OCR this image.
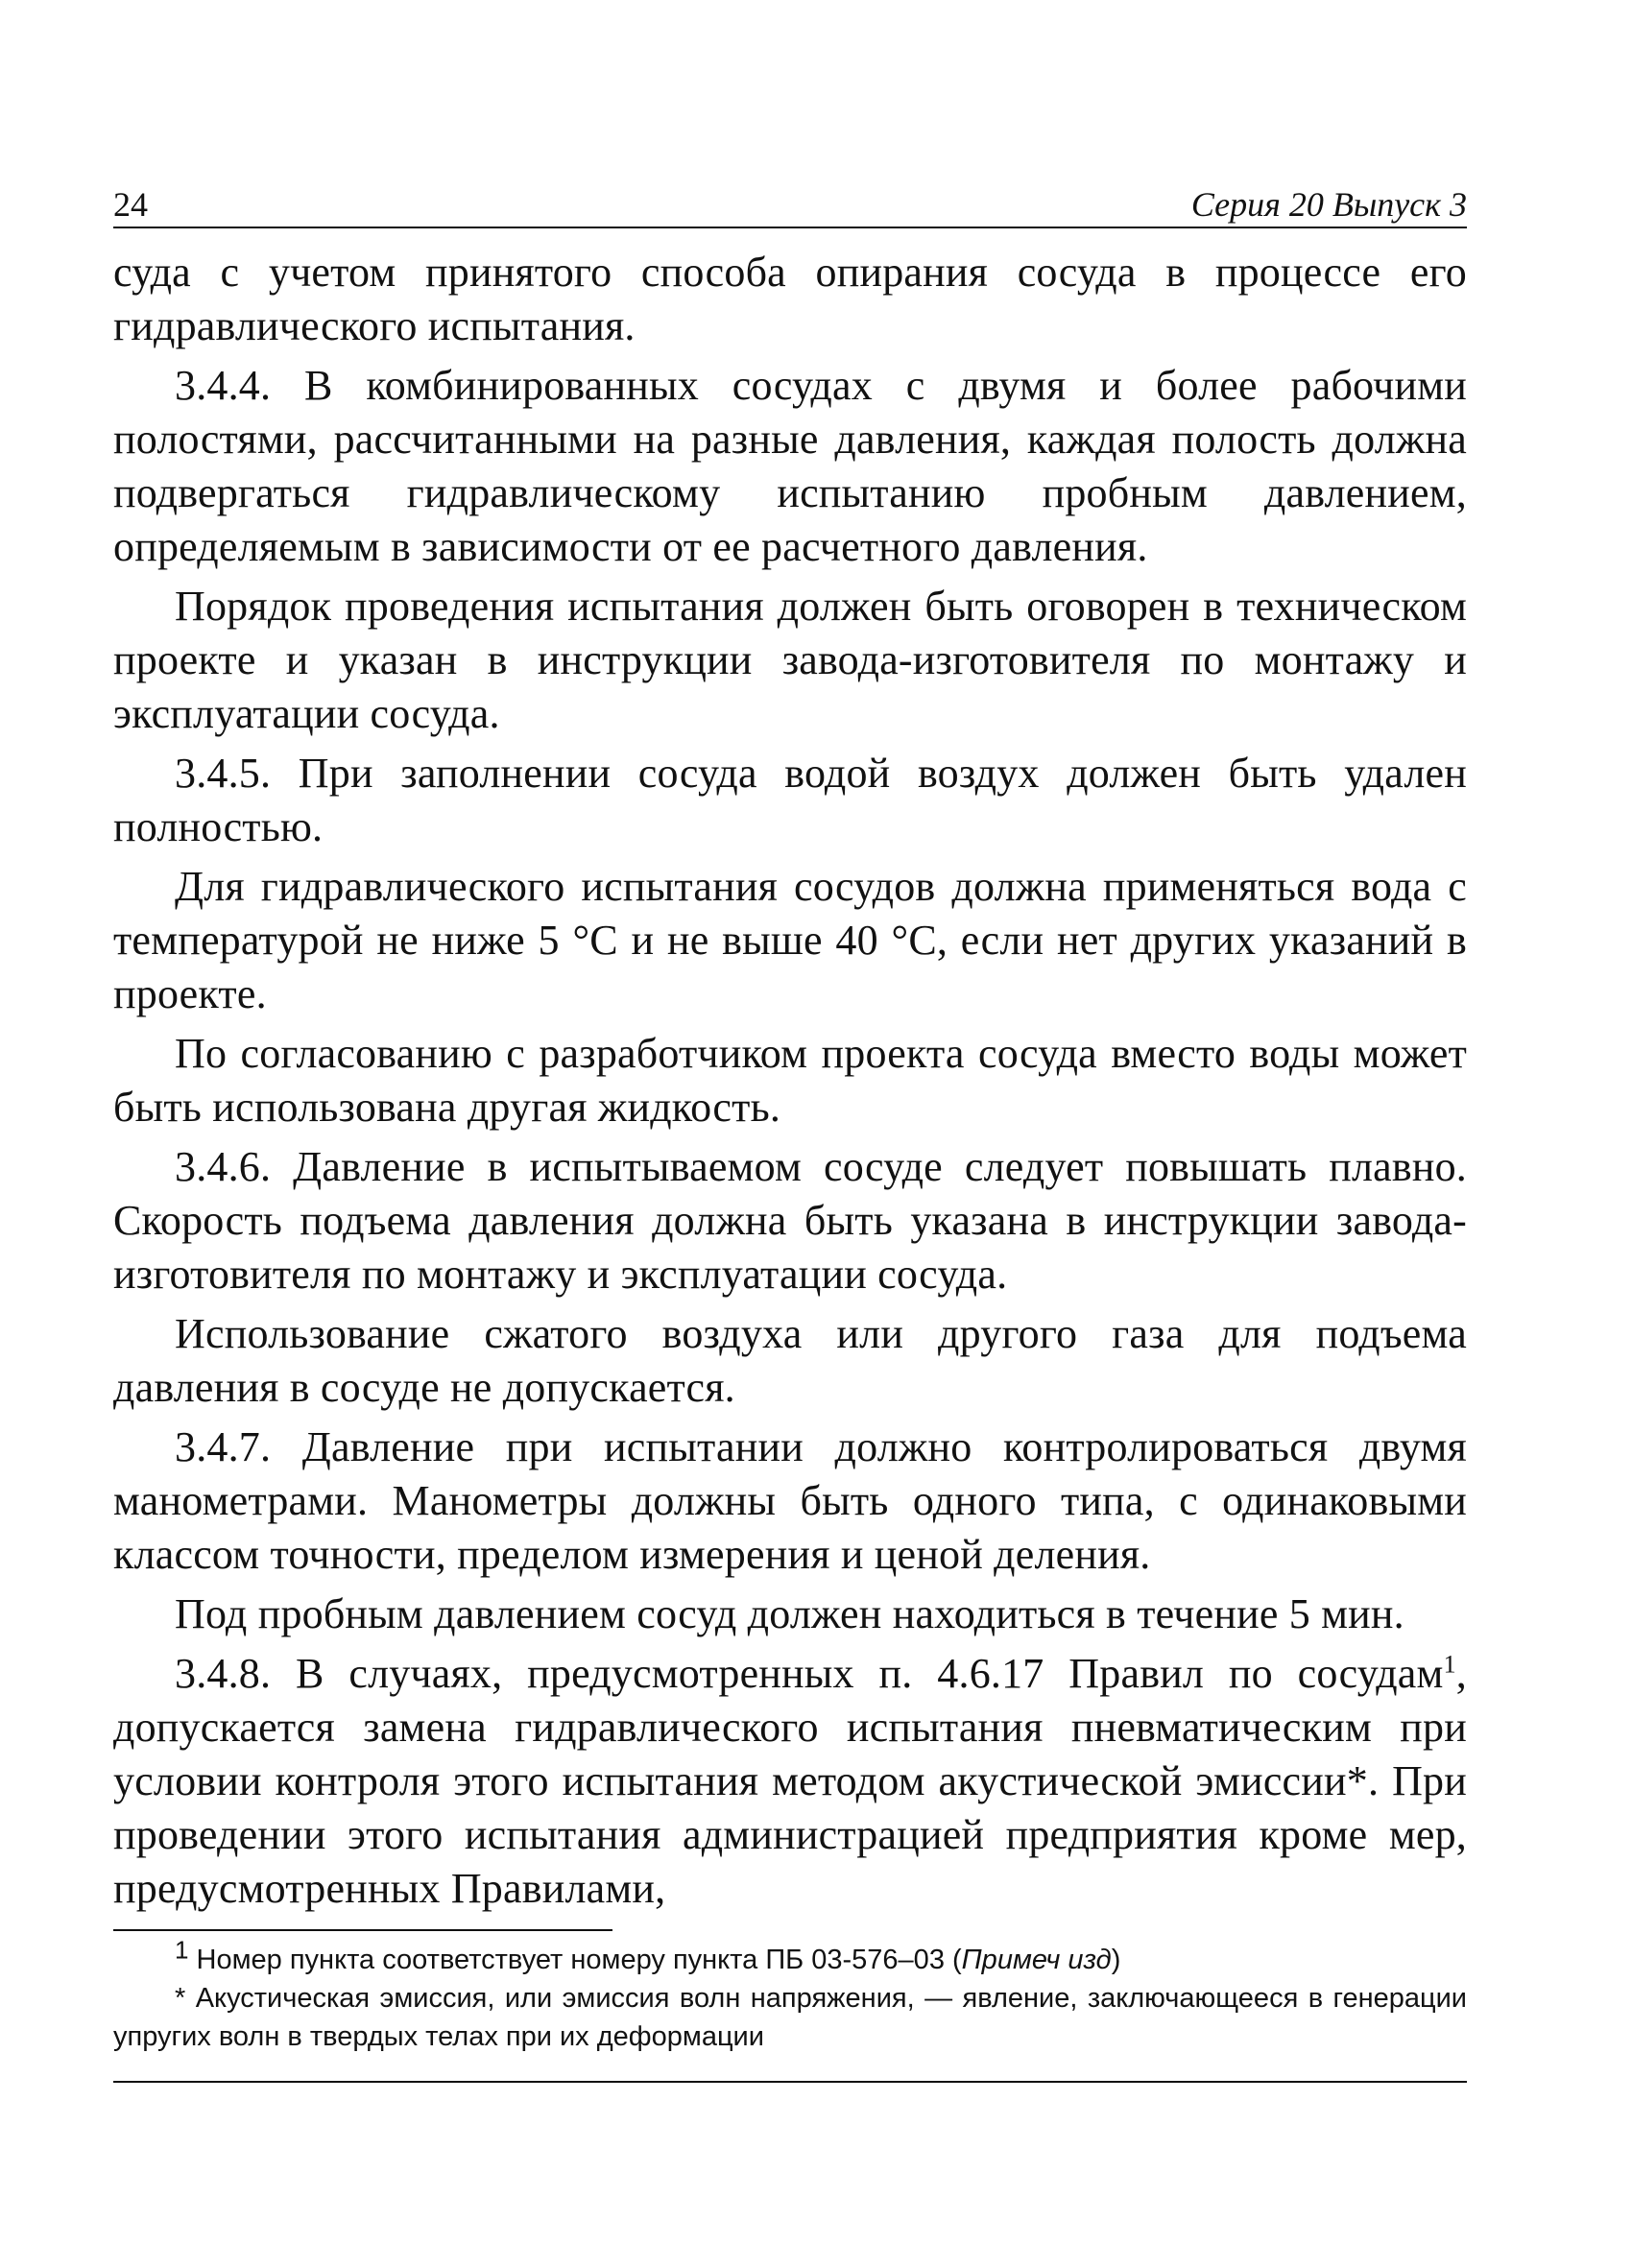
24	Серия 20 Выпуск 3

суда с учетом принятого способа опирания сосуда в процессе его гидравлического испытания.

3.4.4. В комбинированных сосудах с двумя и более рабочими полостями, рассчитанными на разные давления, каждая полость должна подвергаться гидравлическому испытанию пробным давлением, определяемым в зависимости от ее расчетного давления.

Порядок проведения испытания должен быть оговорен в техническом проекте и указан в инструкции завода-изготовителя по монтажу и эксплуатации сосуда.

3.4.5. При заполнении сосуда водой воздух должен быть удален полностью.

Для гидравлического испытания сосудов должна применяться вода с температурой не ниже 5 °С и не выше 40 °С, если нет других указаний в проекте.

По согласованию с разработчиком проекта сосуда вместо воды может быть использована другая жидкость.

3.4.6. Давление в испытываемом сосуде следует повышать плавно. Скорость подъема давления должна быть указана в инструкции завода-изготовителя по монтажу и эксплуатации сосуда.

Использование сжатого воздуха или другого газа для подъема давления в сосуде не допускается.

3.4.7. Давление при испытании должно контролироваться двумя манометрами. Манометры должны быть одного типа, с одинаковыми классом точности, пределом измерения и ценой деления.

Под пробным давлением сосуд должен находиться в течение 5 мин.

3.4.8. В случаях, предусмотренных п. 4.6.17 Правил по сосудам$^1$, допускается замена гидравлического испытания пневматическим при условии контроля этого испытания методом акустической эмиссии*. При проведении этого испытания администрацией предприятия кроме мер, предусмотренных Правилами,

$^1$ Номер пункта соответствует номеру пункта ПБ 03-576–03 (Примеч изд)

* Акустическая эмиссия, или эмиссия волн напряжения, — явление, заключающееся в генерации упругих волн в твердых телах при их деформации
